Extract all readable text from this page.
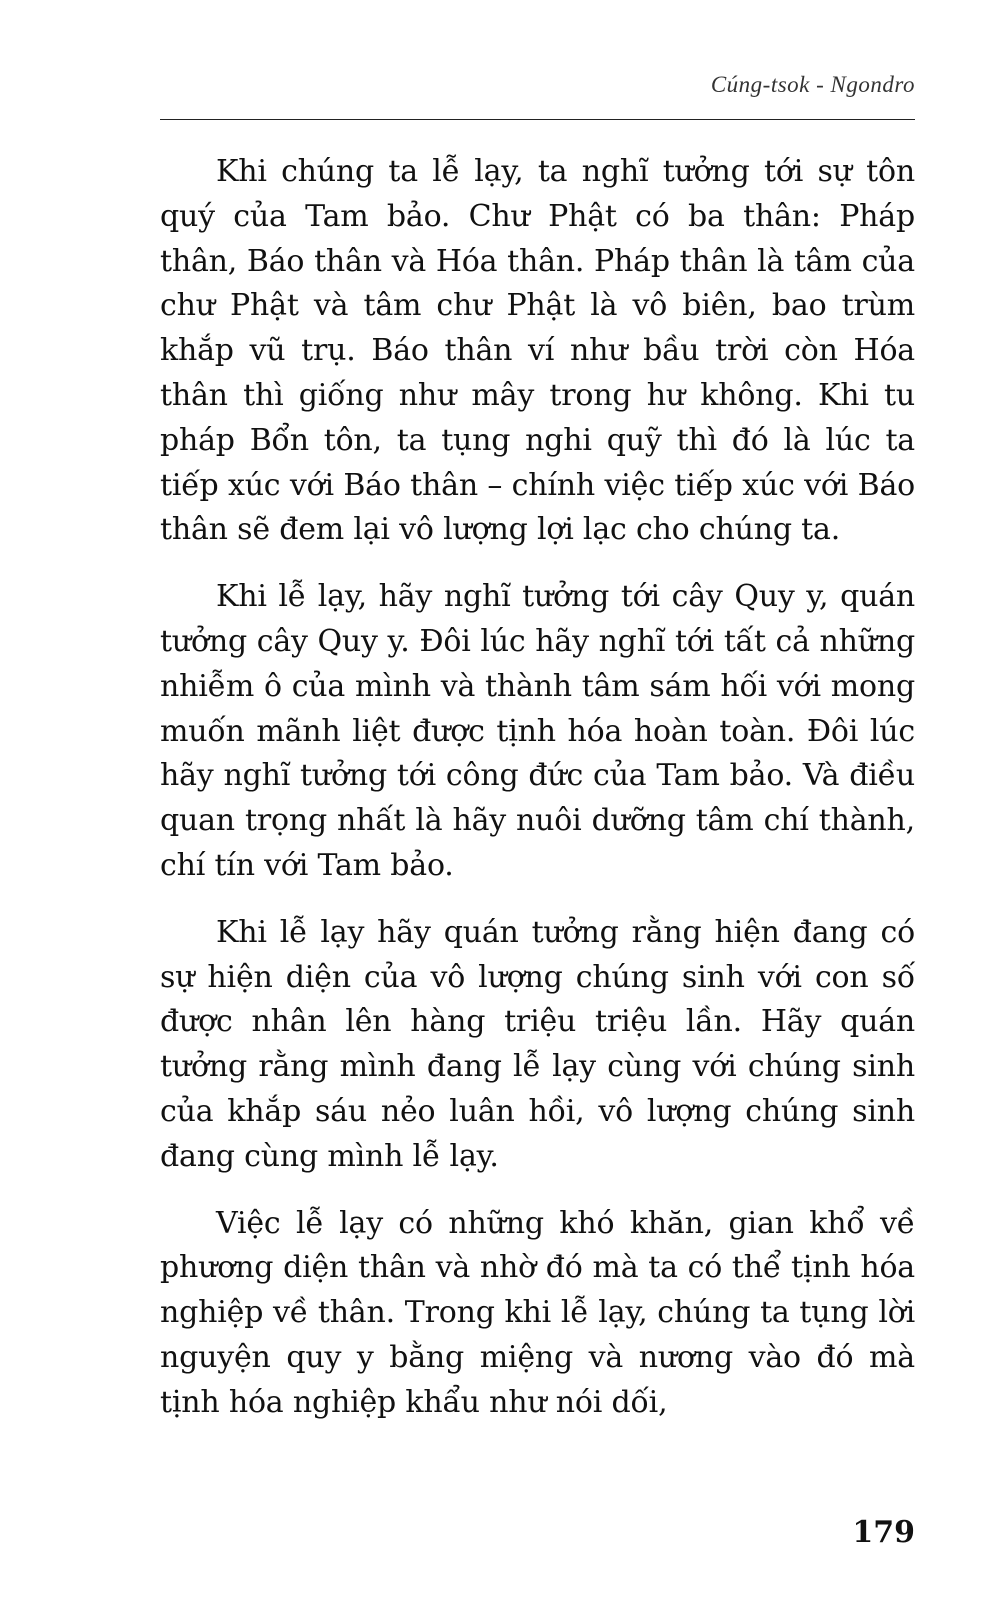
Cúng-tsok - Ngondro

Khi chúng ta lễ lạy, ta nghĩ tưởng tới sự tôn quý của Tam bảo. Chư Phật có ba thân: Pháp thân, Báo thân và Hóa thân. Pháp thân là tâm của chư Phật và tâm chư Phật là vô biên, bao trùm khắp vũ trụ. Báo thân ví như bầu trời còn Hóa thân thì giống như mây trong hư không. Khi tu pháp Bổn tôn, ta tụng nghi quỹ thì đó là lúc ta tiếp xúc với Báo thân – chính việc tiếp xúc với Báo thân sẽ đem lại vô lượng lợi lạc cho chúng ta.

Khi lễ lạy, hãy nghĩ tưởng tới cây Quy y, quán tưởng cây Quy y. Đôi lúc hãy nghĩ tới tất cả những nhiễm ô của mình và thành tâm sám hối với mong muốn mãnh liệt được tịnh hóa hoàn toàn. Đôi lúc hãy nghĩ tưởng tới công đức của Tam bảo. Và điều quan trọng nhất là hãy nuôi dưỡng tâm chí thành, chí tín với Tam bảo.

Khi lễ lạy hãy quán tưởng rằng hiện đang có sự hiện diện của vô lượng chúng sinh với con số được nhân lên hàng triệu triệu lần. Hãy quán tưởng rằng mình đang lễ lạy cùng với chúng sinh của khắp sáu nẻo luân hồi, vô lượng chúng sinh đang cùng mình lễ lạy.

Việc lễ lạy có những khó khăn, gian khổ về phương diện thân và nhờ đó mà ta có thể tịnh hóa nghiệp về thân. Trong khi lễ lạy, chúng ta tụng lời nguyện quy y bằng miệng và nương vào đó mà tịnh hóa nghiệp khẩu như nói dối,

179
